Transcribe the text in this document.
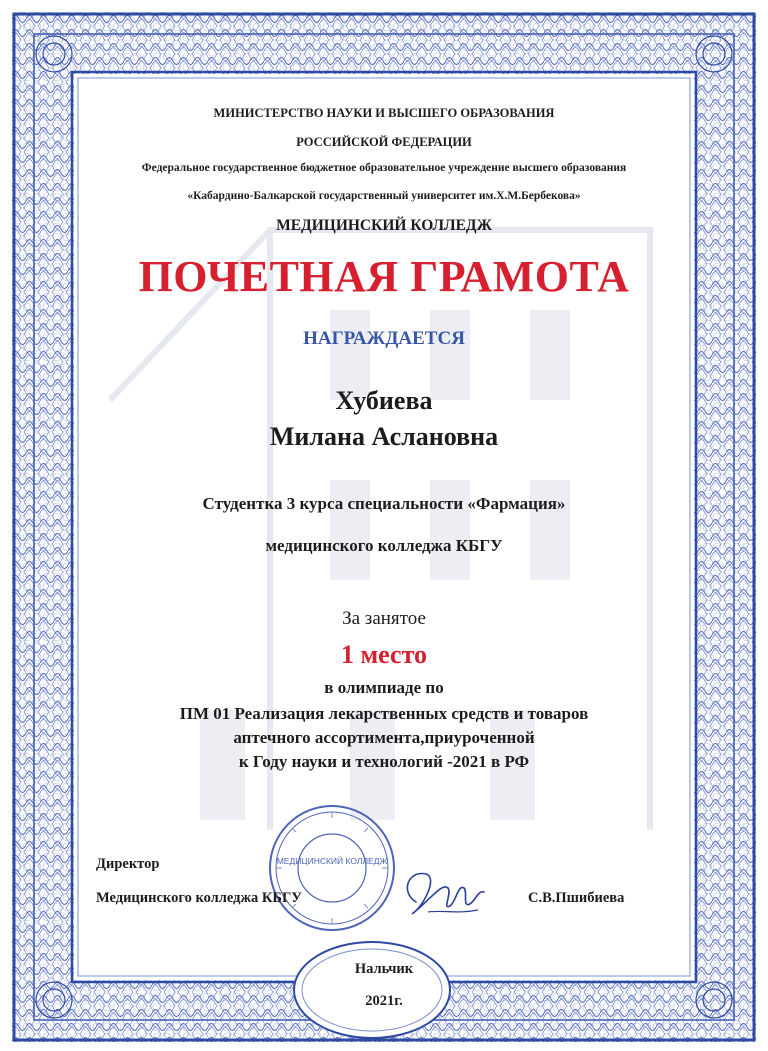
МИНИСТЕРСТВО НАУКИ И ВЫСШЕГО ОБРАЗОВАНИЯ
РОССИЙСКОЙ ФЕДЕРАЦИИ
Федеральное государственное бюджетное образовательное учреждение высшего образования
«Кабардино-Балкарской государственный университет им.Х.М.Бербекова»
МЕДИЦИНСКИЙ КОЛЛЕДЖ
ПОЧЕТНАЯ ГРАМОТА
НАГРАЖДАЕТСЯ
Хубиева
Милана Аслановна
Студентка 3 курса специальности «Фармация»
медицинского колледжа КБГУ
За занятое
1 место
в олимпиаде по
ПМ 01 Реализация лекарственных средств и товаров
аптечного ассортимента,приуроченной
к Году науки и технологий -2021 в РФ
МЕДИЦИНСКИЙ КОЛЛЕДЖ
Директор
Медицинского колледжа КБГУ	С.В.Пшибиева
Нальчик
2021г.
